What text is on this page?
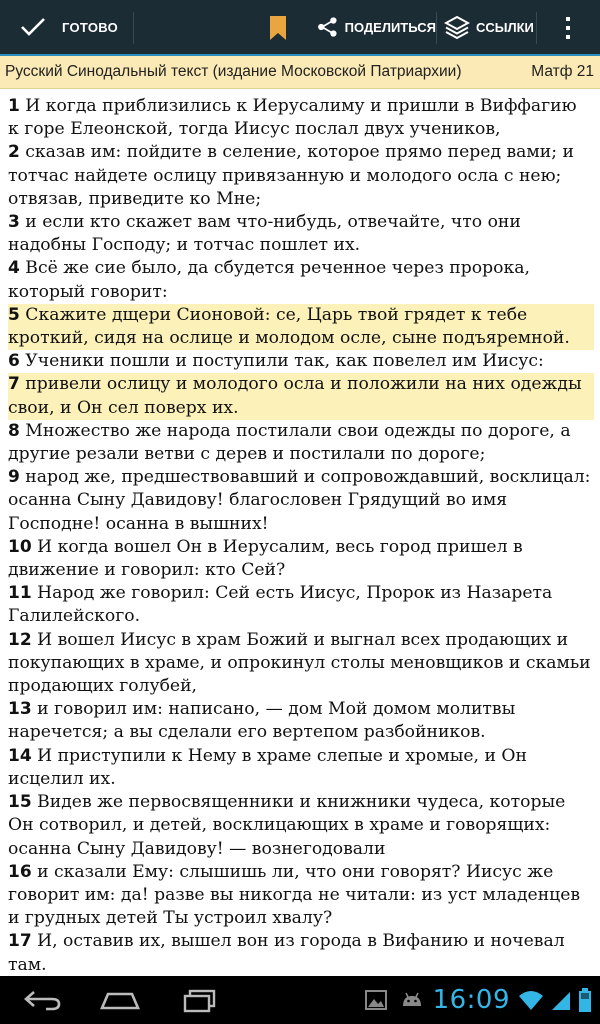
ГОТОВО	ПОДЕЛИТЬСЯ	ССЫЛКИ
Русский Синодальный текст (издание Московской Патриархии)	Матф 21
1 И когда приблизились к Иерусалиму и пришли в Виффагию к горе Елеонской, тогда Иисус послал двух учеников,
2 сказав им: пойдите в селение, которое прямо перед вами; и тотчас найдете ослицу привязанную и молодого осла с нею; отвязав, приведите ко Мне;
3 и если кто скажет вам что-нибудь, отвечайте, что они надобны Господу; и тотчас пошлет их.
4 Всё же сие было, да сбудется реченное через пророка, который говорит:
5 Скажите дщери Сионовой: се, Царь твой грядет к тебе кроткий, сидя на ослице и молодом осле, сыне подъяремной.
6 Ученики пошли и поступили так, как повелел им Иисус:
7 привели ослицу и молодого осла и положили на них одежды свои, и Он сел поверх их.
8 Множество же народа постилали свои одежды по дороге, а другие резали ветви с дерев и постилали по дороге;
9 народ же, предшествовавший и сопровождавший, восклицал: осанна Сыну Давидову! благословен Грядущий во имя Господне! осанна в вышних!
10 И когда вошел Он в Иерусалим, весь город пришел в движение и говорил: кто Сей?
11 Народ же говорил: Сей есть Иисус, Пророк из Назарета Галилейского.
12 И вошел Иисус в храм Божий и выгнал всех продающих и покупающих в храме, и опрокинул столы меновщиков и скамьи продающих голубей,
13 и говорил им: написано, — дом Мой домом молитвы наречется; а вы сделали его вертепом разбойников.
14 И приступили к Нему в храме слепые и хромые, и Он исцелил их.
15 Видев же первосвященники и книжники чудеса, которые Он сотворил, и детей, восклицающих в храме и говорящих: осанна Сыну Давидову! — вознегодовали
16 и сказали Ему: слышишь ли, что они говорят? Иисус же говорит им: да! разве вы никогда не читали: из уст младенцев и грудных детей Ты устроил хвалу?
17 И, оставив их, вышел вон из города в Вифанию и ночевал там.
16:09
